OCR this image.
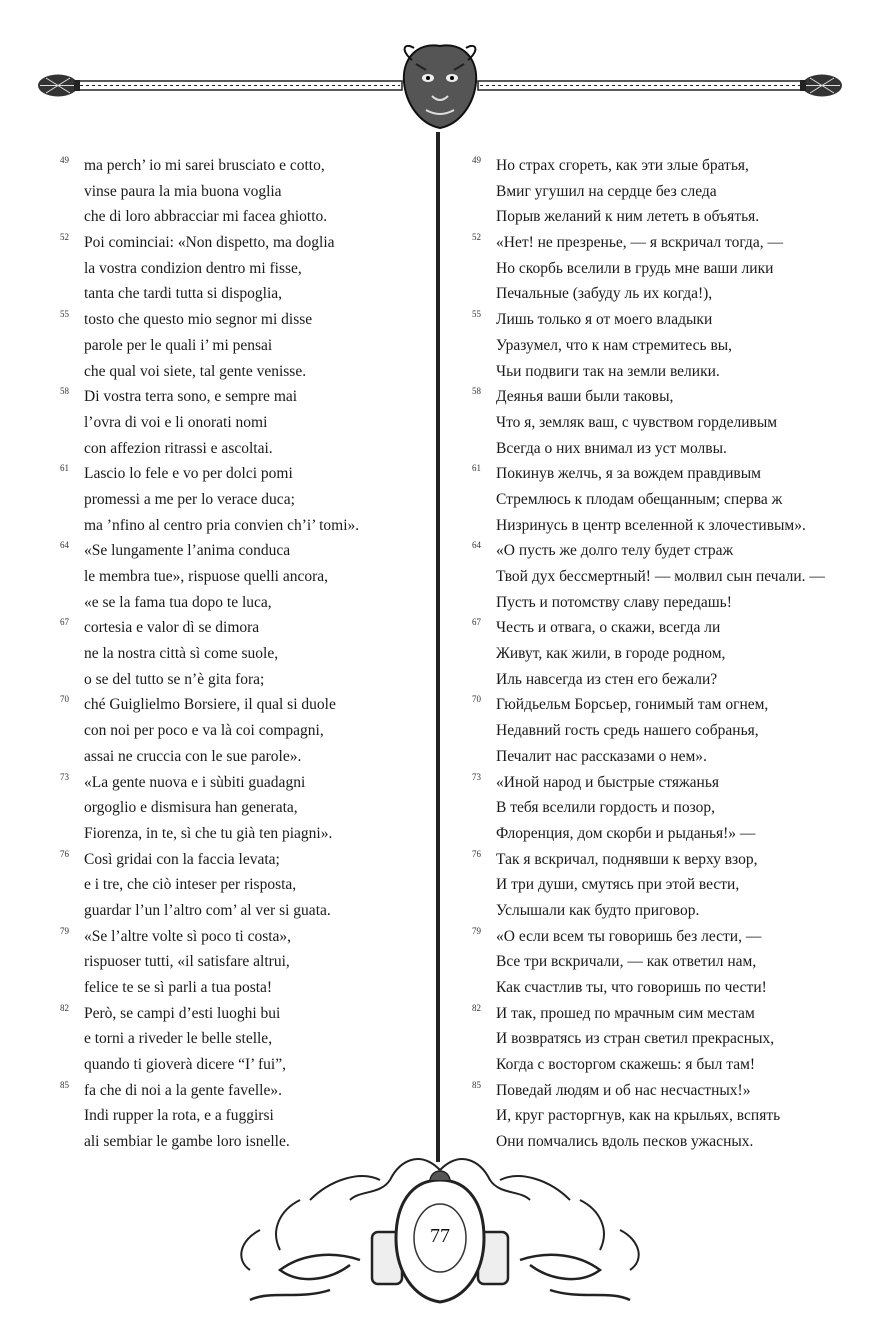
49 ma perch’ io mi sarei brusciato e cotto,
vinse paura la mia buona voglia
che di loro abbracciar mi facea ghiotto.
52 Poi cominciai: «Non dispetto, ma doglia
la vostra condizion dentro mi fisse,
tanta che tardi tutta si dispoglia,
55 tosto che questo mio segnor mi disse
parole per le quali i’ mi pensai
che qual voi siete, tal gente venisse.
58 Di vostra terra sono, e sempre mai
l’ovra di voi e li onorati nomi
con affezion ritrassi e ascoltai.
61 Lascio lo fele e vo per dolci pomi
promessi a me per lo verace duca;
ma ’nfino al centro pria convien ch’i’ tomi».
64 «Se lungamente l’anima conduca
le membra tue», rispuose quelli ancora,
«e se la fama tua dopo te luca,
67 cortesia e valor dì se dimora
ne la nostra città sì come suole,
o se del tutto se n’è gita fora;
70 ché Guiglielmo Borsiere, il qual si duole
con noi per poco e va là coi compagni,
assai ne cruccia con le sue parole».
73 «La gente nuova e i sùbiti guadagni
orgoglio e dismisura han generata,
Fiorenza, in te, sì che tu già ten piagni».
76 Così gridai con la faccia levata;
e i tre, che ciò inteser per risposta,
guardar l’un l’altro com’ al ver si guata.
79 «Se l’altre volte sì poco ti costa»,
rispuoser tutti, «il satisfare altrui,
felice te se sì parli a tua posta!
82 Però, se campi d’esti luoghi bui
e torni a riveder le belle stelle,
quando ti gioverà dicere “I’ fui”,
85 fa che di noi a la gente favelle».
Indi rupper la rota, e a fuggirsi
ali sembiar le gambe loro isnelle.
49 Но страх сгореть, как эти злые братья,
Вмиг угушил на сердце без следа
Порыв желаний к ним лететь в объятья.
52 «Нет! не презренье, — я вскричал тогда, —
Но скорбь вселили в грудь мне ваши лики
Печальные (забуду ль их когда!),
55 Лишь только я от моего владыки
Уразумел, что к нам стремитесь вы,
Чьи подвиги так на земли велики.
58 Деянья ваши были таковы,
Что я, земляк ваш, с чувством горделивым
Всегда о них внимал из уст молвы.
61 Покинув желчь, я за вождем правдивым
Стремлюсь к плодам обещанным; сперва ж
Низринусь в центр вселенной к злочестивым».
64 «О пусть же долго телу будет страж
Твой дух бессмертный! — молвил сын печали. —
Пусть и потомству славу передашь!
67 Честь и отвага, о скажи, всегда ли
Живут, как жили, в городе родном,
Иль навсегда из стен его бежали?
70 Гюйдьельм Борсьер, гонимый там огнем,
Недавний гость средь нашего собранья,
Печалит нас рассказами о нем».
73 «Иной народ и быстрые стяжанья
В тебя вселили гордость и позор,
Флоренция, дом скорби и рыданья!» —
76 Так я вскричал, поднявши к верху взор,
И три души, смутясь при этой вести,
Услышали как будто приговор.
79 «О если всем ты говоришь без лести, —
Все три вскричали, — как ответил нам,
Как счастлив ты, что говоришь по чести!
82 И так, прошед по мрачным сим местам
И возвратясь из стран светил прекрасных,
Когда с восторгом скажешь: я был там!
85 Поведай людям и об нас несчастных!»
И, круг расторгнув, как на крыльях, вспять
Они помчались вдоль песков ужасных.
77
